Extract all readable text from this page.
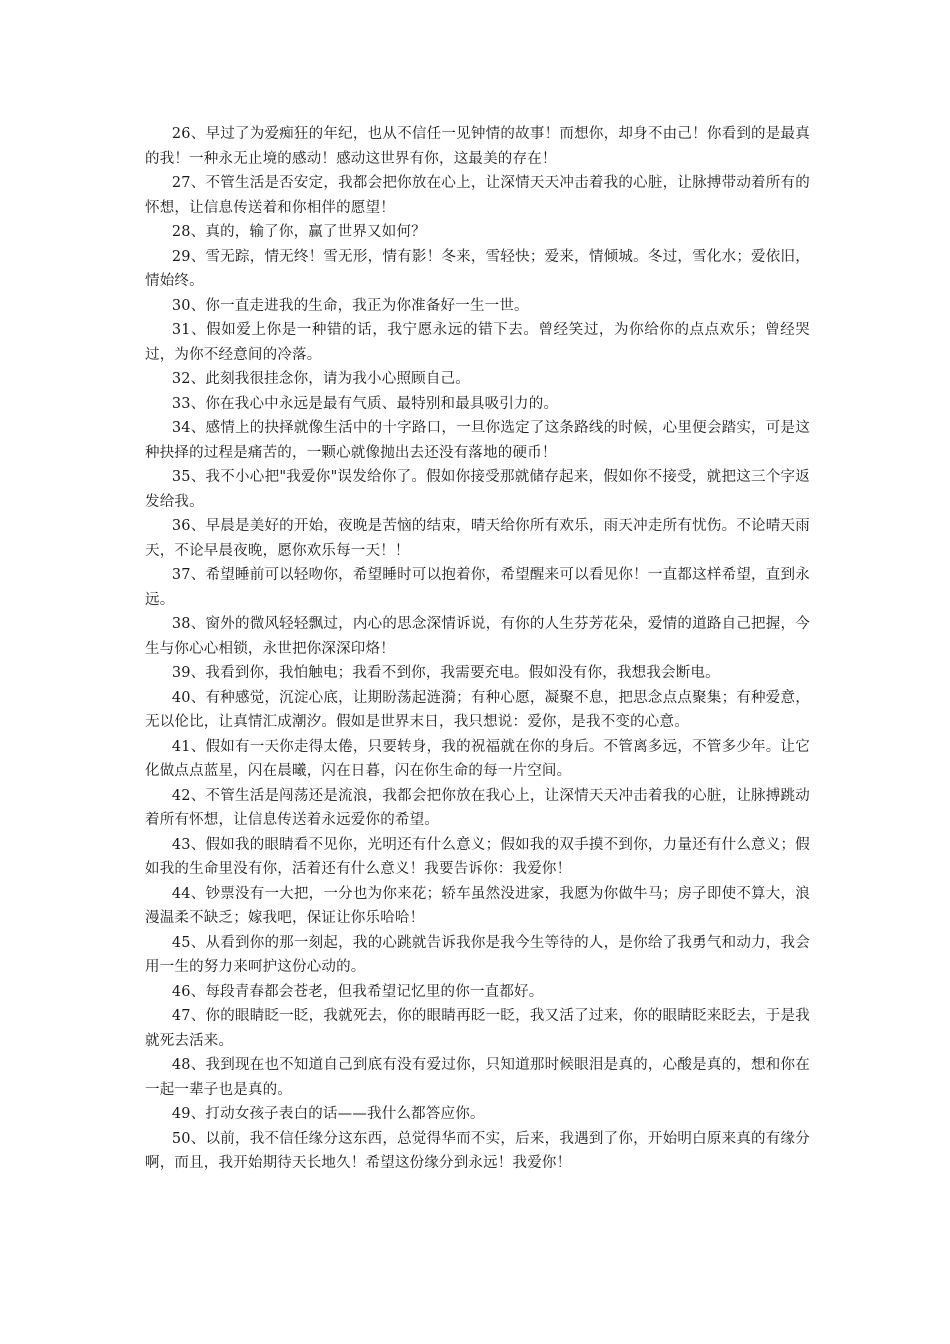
26、早过了为爱痴狂的年纪，也从不信任一见钟情的故事！而想你，却身不由己！你看到的是最真的我！一种永无止境的感动！感动这世界有你，这最美的存在！

27、不管生活是否安定，我都会把你放在心上，让深情天天冲击着我的心脏，让脉搏带动着所有的怀想，让信息传送着和你相伴的愿望！

28、真的，输了你，赢了世界又如何？

29、雪无踪，情无终！雪无形，情有影！冬来，雪轻快；爱来，情倾城。冬过，雪化水；爱依旧，情始终。

30、你一直走进我的生命，我正为你准备好一生一世。

31、假如爱上你是一种错的话，我宁愿永远的错下去。曾经笑过，为你给你的点点欢乐；曾经哭过，为你不经意间的冷落。

32、此刻我很挂念你，请为我小心照顾自己。

33、你在我心中永远是最有气质、最特别和最具吸引力的。

34、感情上的抉择就像生活中的十字路口，一旦你选定了这条路线的时候，心里便会踏实，可是这种抉择的过程是痛苦的，一颗心就像抛出去还没有落地的硬币！

35、我不小心把"我爱你"误发给你了。假如你接受那就储存起来，假如你不接受，就把这三个字返发给我。

36、早晨是美好的开始，夜晚是苦恼的结束，晴天给你所有欢乐，雨天冲走所有忧伤。不论晴天雨天，不论早晨夜晚，愿你欢乐每一天！！

37、希望睡前可以轻吻你，希望睡时可以抱着你，希望醒来可以看见你！一直都这样希望，直到永远。

38、窗外的微风轻轻飘过，内心的思念深情诉说，有你的人生芬芳花朵，爱情的道路自己把握，今生与你心心相锁，永世把你深深印烙！

39、我看到你，我怕触电；我看不到你，我需要充电。假如没有你，我想我会断电。

40、有种感觉，沉淀心底，让期盼荡起涟漪；有种心愿，凝聚不息，把思念点点聚集；有种爱意，无以伦比，让真情汇成潮汐。假如是世界末日，我只想说：爱你，是我不变的心意。

41、假如有一天你走得太倦，只要转身，我的祝福就在你的身后。不管离多远，不管多少年。让它化做点点蓝星，闪在晨曦，闪在日暮，闪在你生命的每一片空间。

42、不管生活是闯荡还是流浪，我都会把你放在我心上，让深情天天冲击着我的心脏，让脉搏跳动着所有怀想，让信息传送着永远爱你的希望。

43、假如我的眼睛看不见你，光明还有什么意义；假如我的双手摸不到你，力量还有什么意义；假如我的生命里没有你，活着还有什么意义！我要告诉你：我爱你！

44、钞票没有一大把，一分也为你来花；轿车虽然没进家，我愿为你做牛马；房子即使不算大，浪漫温柔不缺乏；嫁我吧，保证让你乐哈哈！

45、从看到你的那一刻起，我的心跳就告诉我你是我今生等待的人，是你给了我勇气和动力，我会用一生的努力来呵护这份心动的。

46、每段青春都会苍老，但我希望记忆里的你一直都好。

47、你的眼睛眨一眨，我就死去，你的眼睛再眨一眨，我又活了过来，你的眼睛眨来眨去，于是我就死去活来。

48、我到现在也不知道自己到底有没有爱过你，只知道那时候眼泪是真的，心酸是真的，想和你在一起一辈子也是真的。

49、打动女孩子表白的话——我什么都答应你。

50、以前，我不信任缘分这东西，总觉得华而不实，后来，我遇到了你，开始明白原来真的有缘分啊，而且，我开始期待天长地久！希望这份缘分到永远！我爱你！
